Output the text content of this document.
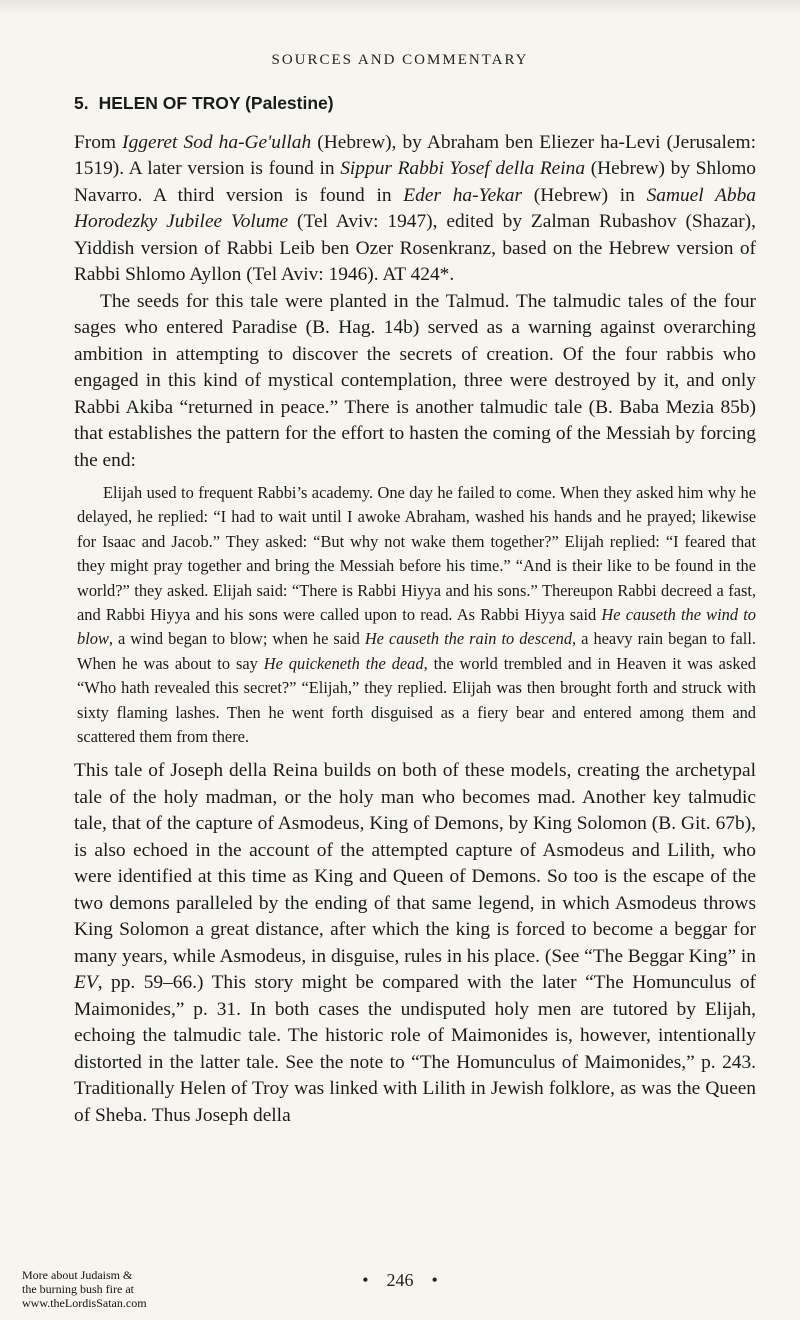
SOURCES AND COMMENTARY
5. HELEN OF TROY (Palestine)

From Iggeret Sod ha-Ge'ullah (Hebrew), by Abraham ben Eliezer ha-Levi (Jerusalem: 1519). A later version is found in Sippur Rabbi Yosef della Reina (Hebrew) by Shlomo Navarro. A third version is found in Eder ha-Yekar (Hebrew) in Samuel Abba Horodezky Jubilee Volume (Tel Aviv: 1947), edited by Zalman Rubashov (Shazar), Yiddish version of Rabbi Leib ben Ozer Rosenkranz, based on the Hebrew version of Rabbi Shlomo Ayllon (Tel Aviv: 1946). AT 424*.

The seeds for this tale were planted in the Talmud. The talmudic tales of the four sages who entered Paradise (B. Hag. 14b) served as a warning against overarching ambition in attempting to discover the secrets of creation. Of the four rabbis who engaged in this kind of mystical contemplation, three were destroyed by it, and only Rabbi Akiba “returned in peace.” There is another talmudic tale (B. Baba Mezia 85b) that establishes the pattern for the effort to hasten the coming of the Messiah by forcing the end:

Elijah used to frequent Rabbi’s academy. One day he failed to come. When they asked him why he delayed, he replied: “I had to wait until I awoke Abraham, washed his hands and he prayed; likewise for Isaac and Jacob.” They asked: “But why not wake them together?” Elijah replied: “I feared that they might pray together and bring the Messiah before his time.” “And is their like to be found in the world?” they asked. Elijah said: “There is Rabbi Hiyya and his sons.” Thereupon Rabbi decreed a fast, and Rabbi Hiyya and his sons were called upon to read. As Rabbi Hiyya said He causeth the wind to blow, a wind began to blow; when he said He causeth the rain to descend, a heavy rain began to fall. When he was about to say He quickeneth the dead, the world trembled and in Heaven it was asked “Who hath revealed this secret?” “Elijah,” they replied. Elijah was then brought forth and struck with sixty flaming lashes. Then he went forth disguised as a fiery bear and entered among them and scattered them from there.

This tale of Joseph della Reina builds on both of these models, creating the archetypal tale of the holy madman, or the holy man who becomes mad. Another key talmudic tale, that of the capture of Asmodeus, King of Demons, by King Solomon (B. Git. 67b), is also echoed in the account of the attempted capture of Asmodeus and Lilith, who were identified at this time as King and Queen of Demons. So too is the escape of the two demons paralleled by the ending of that same legend, in which Asmodeus throws King Solomon a great distance, after which the king is forced to become a beggar for many years, while Asmodeus, in disguise, rules in his place. (See “The Beggar King” in EV, pp. 59–66.) This story might be compared with the later “The Homunculus of Maimonides,” p. 31. In both cases the undisputed holy men are tutored by Elijah, echoing the talmudic tale. The historic role of Maimonides is, however, intentionally distorted in the latter tale. See the note to “The Homunculus of Maimonides,” p. 243. Traditionally Helen of Troy was linked with Lilith in Jewish folklore, as was the Queen of Sheba. Thus Joseph della

• 246 •
More about Judaism &
the burning bush fire at
www.theLordisSatan.com
